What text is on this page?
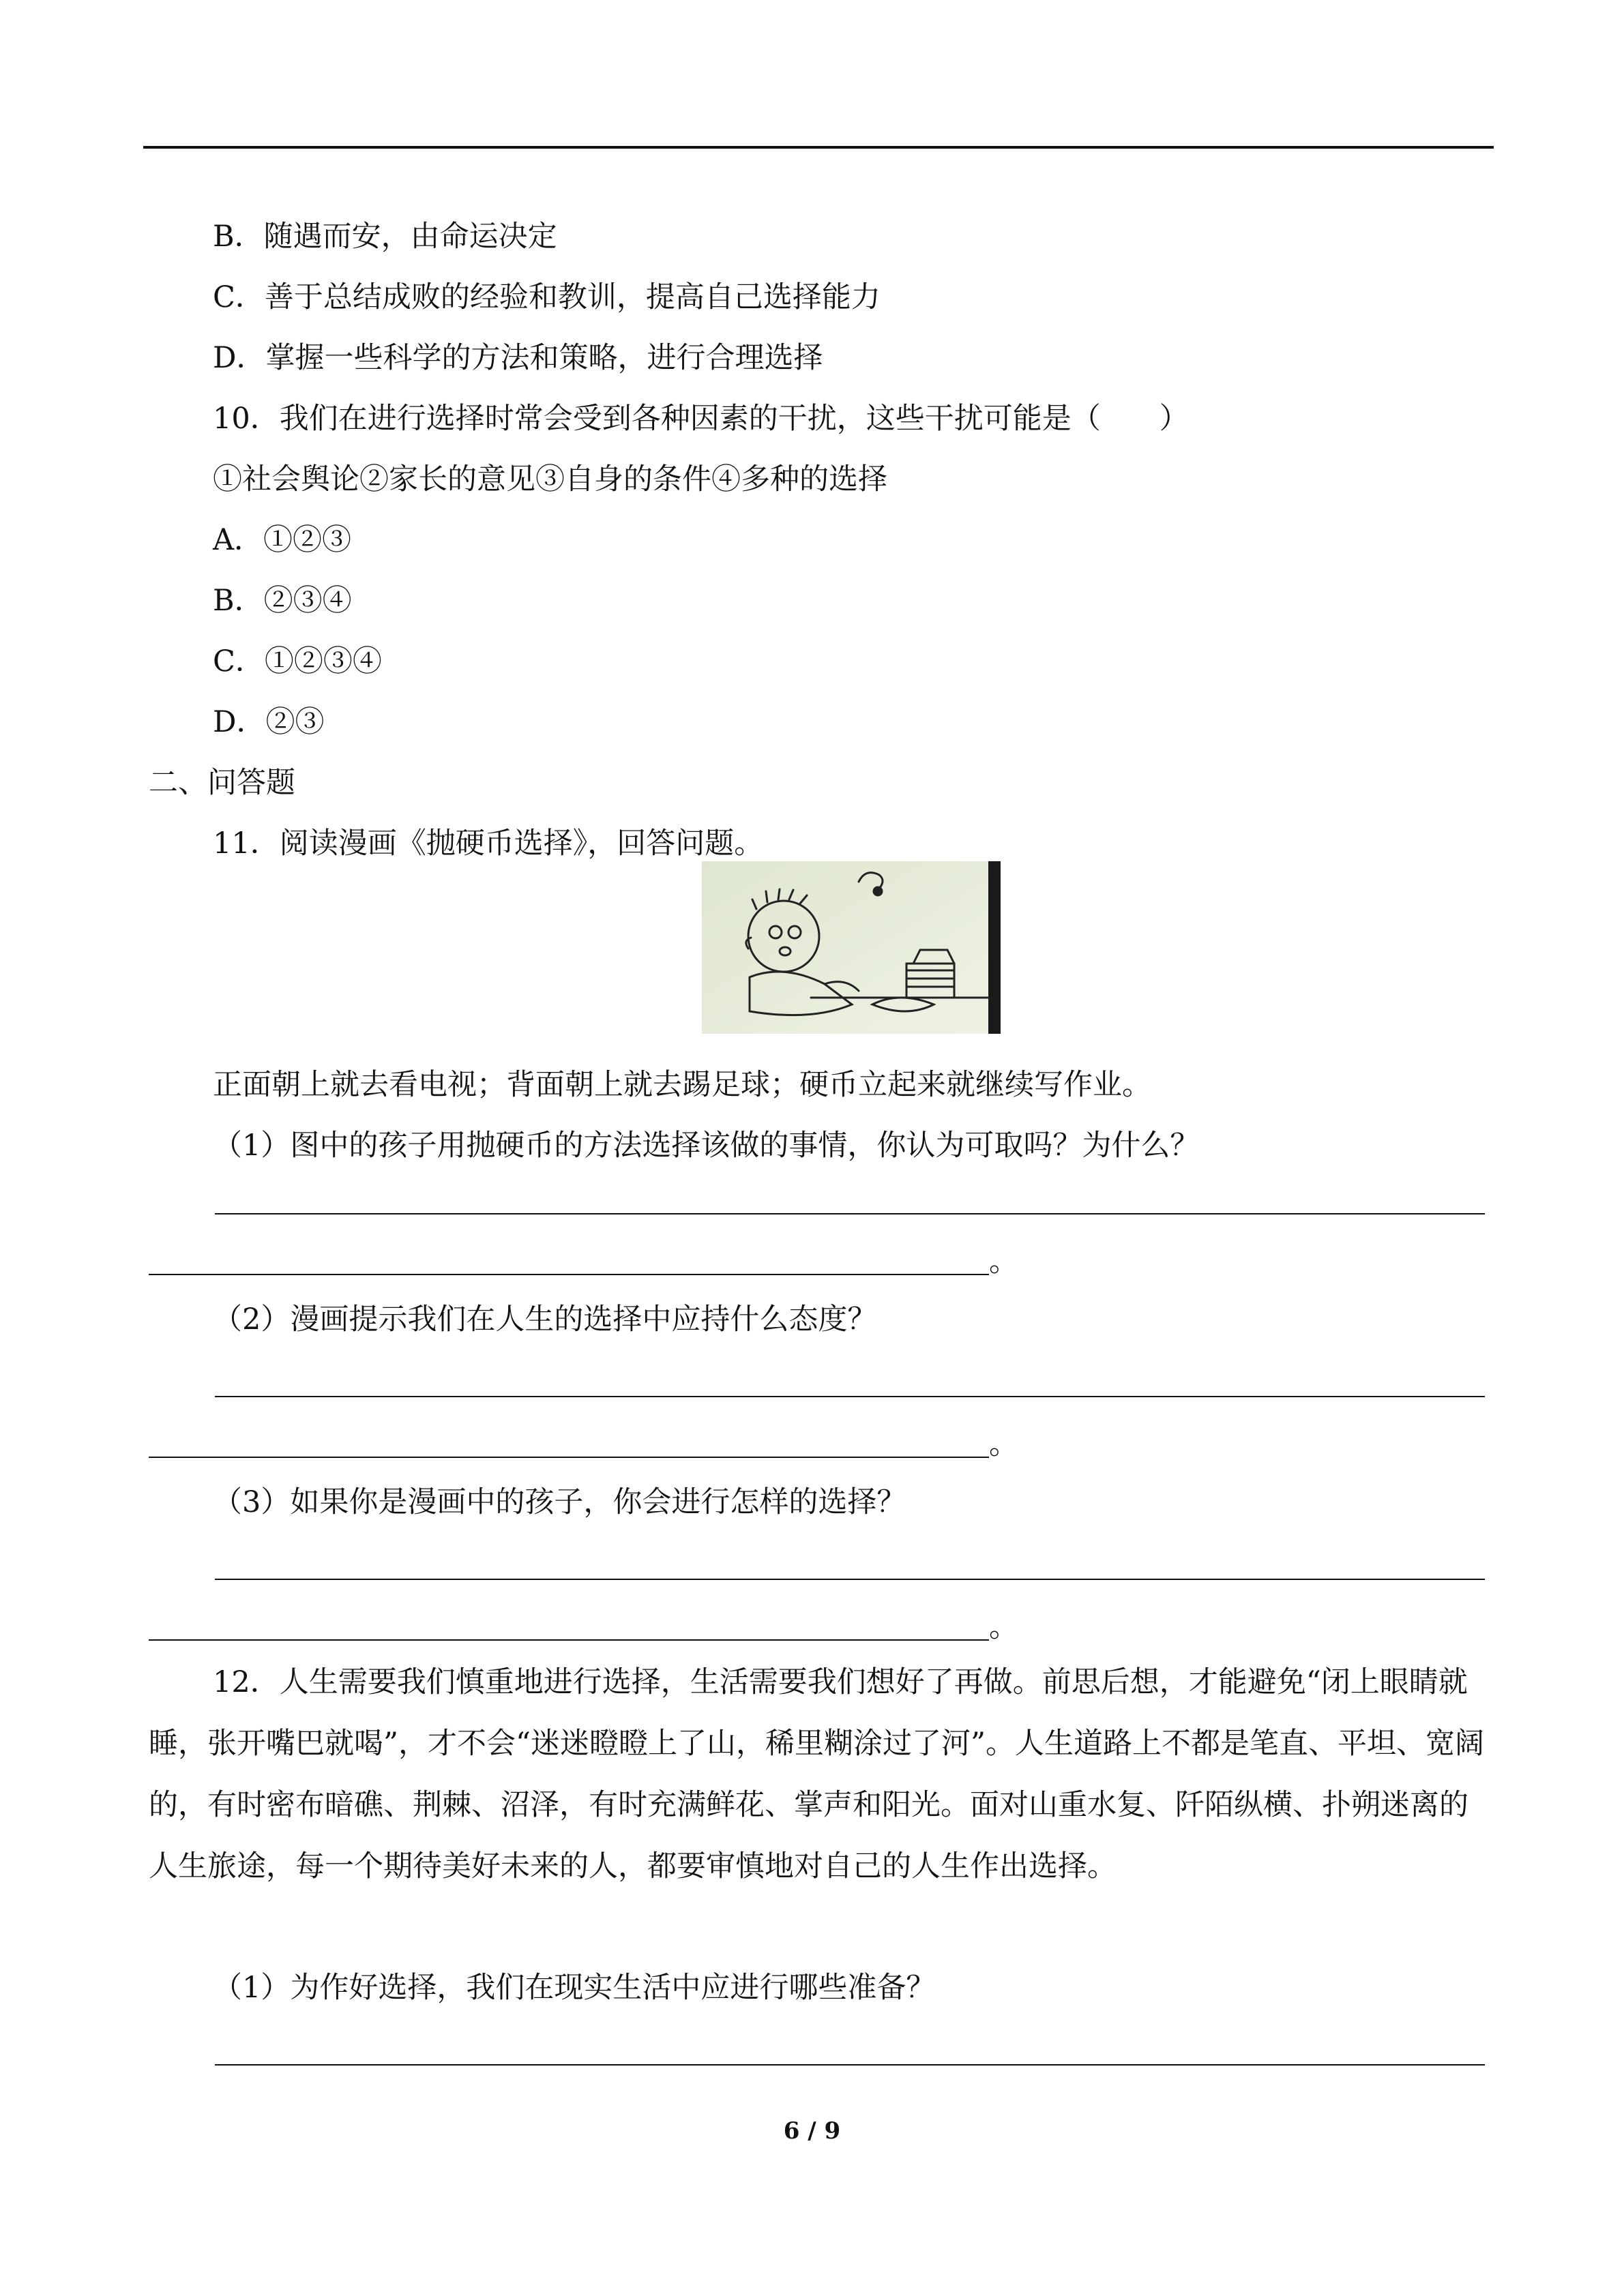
B．随遇而安，由命运决定

C．善于总结成败的经验和教训，提高自己选择能力

D．掌握一些科学的方法和策略，进行合理选择

10．我们在进行选择时常会受到各种因素的干扰，这些干扰可能是（　　）

①社会舆论②家长的意见③自身的条件④多种的选择

A．①②③

B．②③④

C．①②③④

D．②③

二、问答题

11．阅读漫画《抛硬币选择》，回答问题。

正面朝上就去看电视；背面朝上就去踢足球；硬币立起来就继续写作业。

（1）图中的孩子用抛硬币的方法选择该做的事情，你认为可取吗？为什么？

。

（2）漫画提示我们在人生的选择中应持什么态度？

。

（3）如果你是漫画中的孩子，你会进行怎样的选择？

。

12．人生需要我们慎重地进行选择，生活需要我们想好了再做。前思后想，才能避免“闭上眼睛就睡，张开嘴巴就喝”，才不会“迷迷瞪瞪上了山，稀里糊涂过了河”。人生道路上不都是笔直、平坦、宽阔的，有时密布暗礁、荆棘、沼泽，有时充满鲜花、掌声和阳光。面对山重水复、阡陌纵横、扑朔迷离的人生旅途，每一个期待美好未来的人，都要审慎地对自己的人生作出选择。

（1）为作好选择，我们在现实生活中应进行哪些准备？

6 / 9
